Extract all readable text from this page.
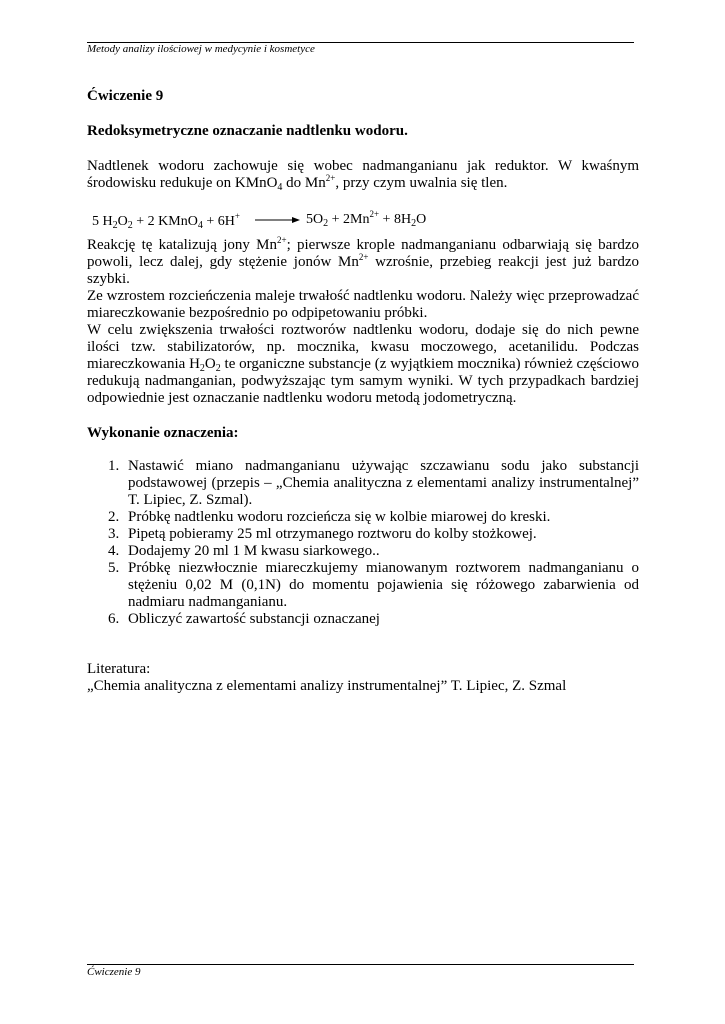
Metody analizy ilościowej w medycynie i kosmetyce
Ćwiczenie 9
Redoksymetryczne oznaczanie nadtlenku wodoru.

Nadtlenek wodoru zachowuje się wobec nadmanganianu jak reduktor. W kwaśnym środowisku redukuje on KMnO$_4$ do $Mn^{2+}$, przy czym uwalnia się tlen.

5 $H_2O_2 + 2$ KMnO$_4$ + 6H+	$5O_2 + 2Mn^{2+} + 8H_2O$

Reakcję tę katalizują jony $Mn^{2+}$; pierwsze krople nadmanganianu odbarwiają się bardzo powoli, lecz dalej, gdy stężenie jonów $Mn^{2+}$ wzrośnie, przebieg reakcji jest już bardzo szybki.

Ze wzrostem rozcieńczenia maleje trwałość nadtlenku wodoru. Należy więc przeprowadzać miareczkowanie bezpośrednio po odpipetowaniu próbki.

W celu zwiększenia trwałości roztworów nadtlenku wodoru, dodaje się do nich pewne ilości tzw. stabilizatorów, np. mocznika, kwasu moczowego, acetanilidu. Podczas miareczkowania $H_2O_2$ te organiczne substancje (z wyjątkiem mocznika) również częściowo redukują nadmanganian, podwyższając tym samym wyniki. W tych przypadkach bardziej odpowiednie jest oznaczanie nadtlenku wodoru metodą jodometryczną.

Wykonanie oznaczenia:
1. Nastawić miano nadmanganianu używając szczawianu sodu jako substancji podstawowej (przepis – „Chemia analityczna z elementami analizy instrumentalnej” T. Lipiec, Z. Szmal).
2. Próbkę nadtlenku wodoru rozcieńcza się w kolbie miarowej do kreski.
3. Pipetą pobieramy 25 ml otrzymanego roztworu do kolby stożkowej.
4. Dodajemy 20 ml 1 M kwasu siarkowego..
5. Próbkę niezwłocznie miareczkujemy mianowanym roztworem nadmanganianu o stężeniu 0,02 M (0,1N) do momentu pojawienia się różowego zabarwienia od nadmiaru nadmanganianu.
6. Obliczyć zawartość substancji oznaczanej
Literatura:
„Chemia analityczna z elementami analizy instrumentalnej” T. Lipiec, Z. Szmal
Ćwiczenie 9
